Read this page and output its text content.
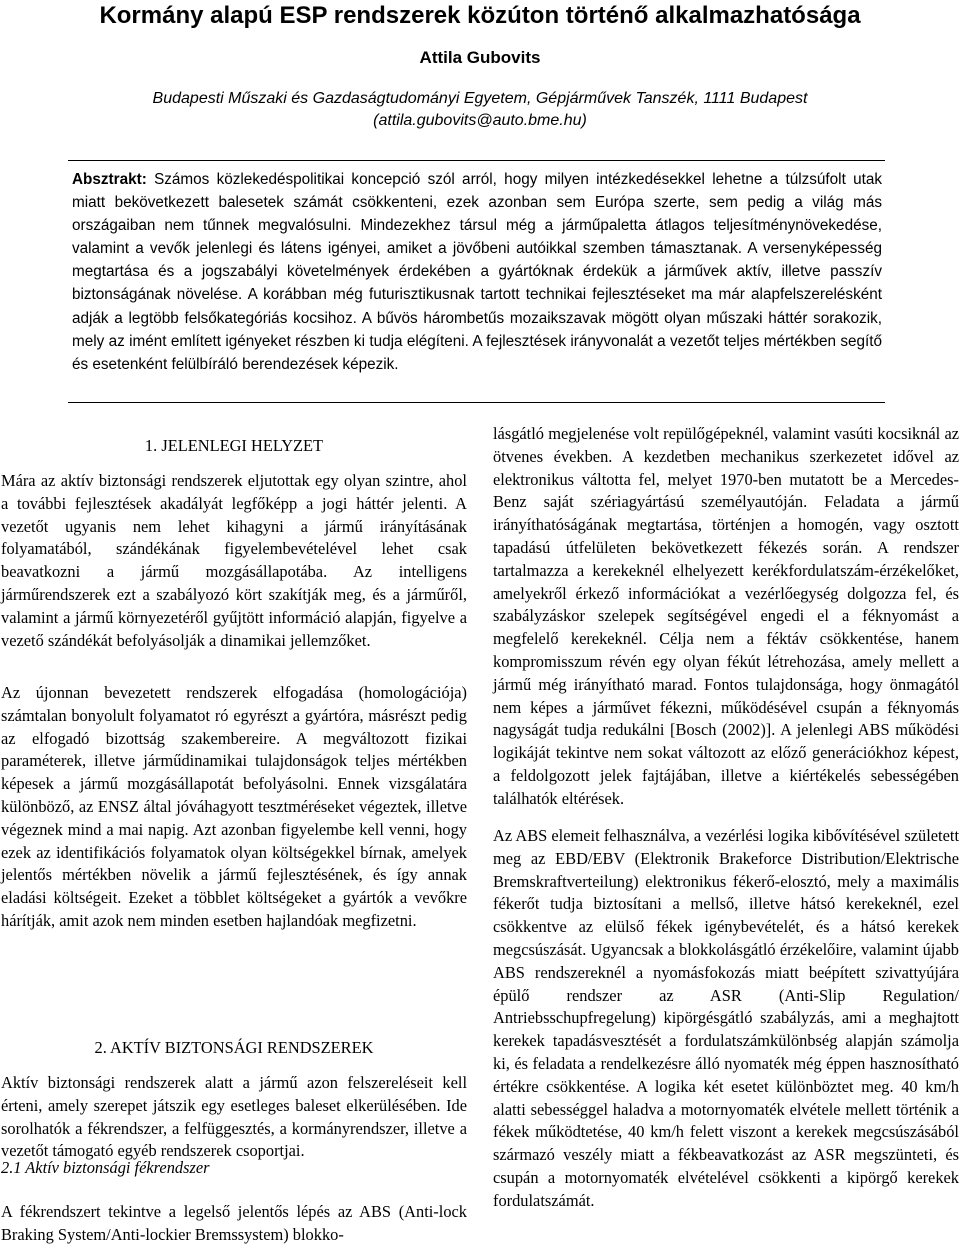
Kormány alapú ESP rendszerek közúton történő alkalmazhatósága
Attila Gubovits
Budapesti Műszaki és Gazdaságtudományi Egyetem, Gépjárművek Tanszék, 1111 Budapest
(attila.gubovits@auto.bme.hu)

Absztrakt: Számos közlekedéspolitikai koncepció szól arról, hogy milyen intézkedésekkel lehetne a túlzsúfolt utak miatt bekövetkezett balesetek számát csökkenteni, ezek azonban sem Európa szerte, sem pedig a világ más országaiban nem tűnnek megvalósulni. Mindezekhez társul még a járműpaletta átlagos teljesítménynövekedése, valamint a vevők jelenlegi és látens igényei, amiket a jövőbeni autóikkal szemben támasztanak. A versenyképesség megtartása és a jogszabályi követelmények érdekében a gyártóknak érdekük a járművek aktív, illetve passzív biztonságának növelése. A korábban még futurisztikusnak tartott technikai fejlesztéseket ma már alapfelszerelésként adják a legtöbb felsőkategóriás kocsihoz. A bűvös hárombetűs mozaikszavak mögött olyan műszaki háttér sorakozik, mely az imént említett igényeket részben ki tudja elégíteni. A fejlesztések irányvonalát a vezetőt teljes mértékben segítő és esetenként felülbíráló berendezések képezik.

1. JELENLEGI HELYZET

Mára az aktív biztonsági rendszerek eljutottak egy olyan szintre, ahol a további fejlesztések akadályát legfőképp a jogi háttér jelenti. A vezetőt ugyanis nem lehet kihagyni a jármű irányításának folyamatából, szándékának figyelembevételével lehet csak beavatkozni a jármű mozgásállapotába. Az intelligens járműrendszerek ezt a szabályozó kört szakítják meg, és a járműről, valamint a jármű környezetéről gyűjtött információ alapján, figyelve a vezető szándékát befolyásolják a dinamikai jellemzőket.

Az újonnan bevezetett rendszerek elfogadása (homologációja) számtalan bonyolult folyamatot ró egyrészt a gyártóra, másrészt pedig az elfogadó bizottság szakembereire. A megváltozott fizikai paraméterek, illetve járműdinamikai tulajdonságok teljes mértékben képesek a jármű mozgásállapotát befolyásolni. Ennek vizsgálatára különböző, az ENSZ által jóváhagyott tesztméréseket végeztek, illetve végeznek mind a mai napig. Azt azonban figyelembe kell venni, hogy ezek az identifikációs folyamatok olyan költségekkel bírnak, amelyek jelentős mértékben növelik a jármű fejlesztésének, és így annak eladási költségeit. Ezeket a többlet költségeket a gyártók a vevőkre hárítják, amit azok nem minden esetben hajlandóak megfizetni.

2. AKTÍV BIZTONSÁGI RENDSZEREK

Aktív biztonsági rendszerek alatt a jármű azon felszereléseit kell érteni, amely szerepet játszik egy esetleges baleset elkerülésében. Ide sorolhatók a fékrendszer, a felfüggesztés, a kormányrendszer, illetve a vezetőt támogató egyéb rendszerek csoportjai.

2.1 Aktív biztonsági fékrendszer

A fékrendszert tekintve a legelső jelentős lépés az ABS (Anti-lock Braking System/Anti-lockier Bremssystem) blokko-

lásgátló megjelenése volt repülőgépeknél, valamint vasúti kocsiknál az ötvenes években. A kezdetben mechanikus szerkezetet idővel az elektronikus váltotta fel, melyet 1970-ben mutatott be a Mercedes-Benz saját szériagyártású személyautóján. Feladata a jármű irányíthatóságának megtartása, történjen a homogén, vagy osztott tapadású útfelületen bekövetkezett fékezés során. A rendszer tartalmazza a kerekeknél elhelyezett kerékfordulatszám-érzékelőket, amelyekről érkező információkat a vezérlőegység dolgozza fel, és szabályzáskor szelepek segítségével engedi el a féknyomást a megfelelő kerekeknél. Célja nem a féktáv csökkentése, hanem kompromisszum révén egy olyan fékút létrehozása, amely mellett a jármű még irányítható marad. Fontos tulajdonsága, hogy önmagától nem képes a járművet fékezni, működésével csupán a féknyomás nagyságát tudja redukálni [Bosch (2002)]. A jelenlegi ABS működési logikáját tekintve nem sokat változott az előző generációkhoz képest, a feldolgozott jelek fajtájában, illetve a kiértékelés sebességében találhatók eltérések.

Az ABS elemeit felhasználva, a vezérlési logika kibővítésével született meg az EBD/EBV (Elektronik Brakeforce Distribution/Elektrische Bremskraftverteilung) elektronikus fékerő-elosztó, mely a maximális fékerőt tudja biztosítani a mellső, illetve hátsó kerekeknél, ezel csökkentve az elülső fékek igénybevételét, és a hátsó kerekek megcsúszását. Ugyancsak a blokkolásgátló érzékelőire, valamint újabb ABS rendszereknél a nyomásfokozás miatt beépített szivattyújára épülő rendszer az ASR (Anti-Slip Regulation/ Antriebsschupfregelung) kipörgésgátló szabályzás, ami a meghajtott kerekek tapadásvesztését a fordulatszámkülönbség alapján számolja ki, és feladata a rendelkezésre álló nyomaték még éppen hasznosítható értékre csökkentése. A logika két esetet különböztet meg. 40 km/h alatti sebességgel haladva a motornyomaték elvétele mellett történik a fékek működtetése, 40 km/h felett viszont a kerekek megcsúszásából származó veszély miatt a fékbeavatkozást az ASR megszünteti, és csupán a motornyomaték elvételével csökkenti a kipörgő kerekek fordulatszámát.
